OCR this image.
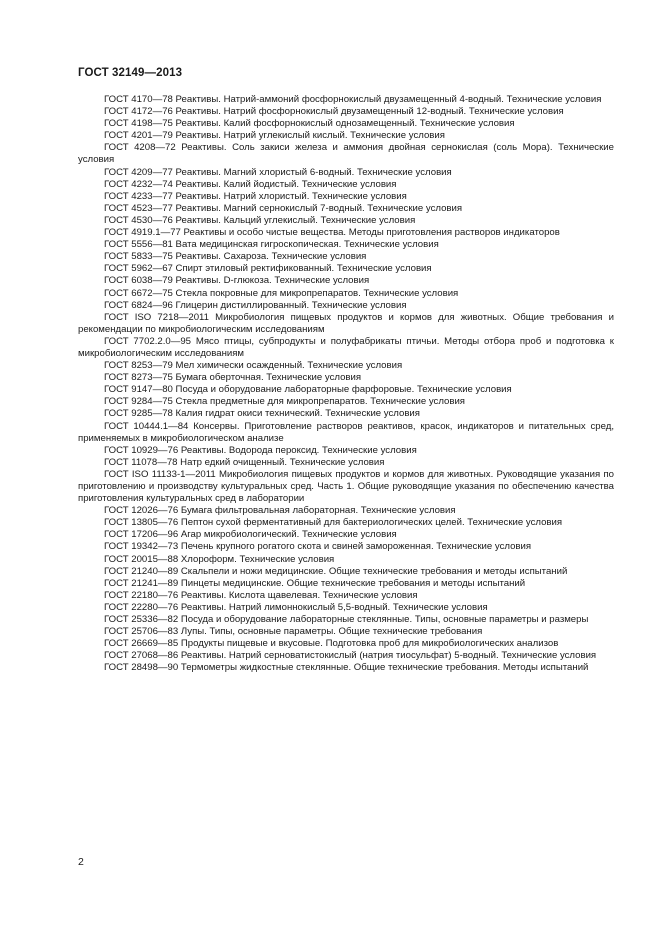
ГОСТ 32149—2013
ГОСТ 4170—78 Реактивы. Натрий-аммоний фосфорнокислый двузамещенный 4-водный. Технические условия
ГОСТ 4172—76 Реактивы. Натрий фосфорнокислый двузамещенный 12-водный. Технические условия
ГОСТ 4198—75 Реактивы. Калий фосфорнокислый однозамещенный. Технические условия
ГОСТ 4201—79 Реактивы. Натрий углекислый кислый. Технические условия
ГОСТ 4208—72 Реактивы. Соль закиси железа и аммония двойная сернокислая (соль Мора). Технические условия
ГОСТ 4209—77 Реактивы. Магний хлористый 6-водный. Технические условия
ГОСТ 4232—74 Реактивы. Калий йодистый. Технические условия
ГОСТ 4233—77 Реактивы. Натрий хлористый. Технические условия
ГОСТ 4523—77 Реактивы. Магний сернокислый 7-водный. Технические условия
ГОСТ 4530—76 Реактивы. Кальций углекислый. Технические условия
ГОСТ 4919.1—77 Реактивы и особо чистые вещества. Методы приготовления растворов индикаторов
ГОСТ 5556—81 Вата медицинская гигроскопическая. Технические условия
ГОСТ 5833—75 Реактивы. Сахароза. Технические условия
ГОСТ 5962—67 Спирт этиловый ректификованный. Технические условия
ГОСТ 6038—79 Реактивы. D-глюкоза. Технические условия
ГОСТ 6672—75 Стекла покровные для микропрепаратов. Технические условия
ГОСТ 6824—96 Глицерин дистиллированный. Технические условия
ГОСТ ISO 7218—2011 Микробиология пищевых продуктов и кормов для животных. Общие требования и рекомендации по микробиологическим исследованиям
ГОСТ 7702.2.0—95 Мясо птицы, субпродукты и полуфабрикаты птичьи. Методы отбора проб и подготовка к микробиологическим исследованиям
ГОСТ 8253—79 Мел химически осажденный. Технические условия
ГОСТ 8273—75 Бумага оберточная. Технические условия
ГОСТ 9147—80 Посуда и оборудование лабораторные фарфоровые. Технические условия
ГОСТ 9284—75 Стекла предметные для микропрепаратов. Технические условия
ГОСТ 9285—78 Калия гидрат окиси технический. Технические условия
ГОСТ 10444.1—84 Консервы. Приготовление растворов реактивов, красок, индикаторов и питательных сред, применяемых в микробиологическом анализе
ГОСТ 10929—76 Реактивы. Водорода пероксид. Технические условия
ГОСТ 11078—78 Натр едкий очищенный. Технические условия
ГОСТ ISO 11133-1—2011 Микробиология пищевых продуктов и кормов для животных. Руководящие указания по приготовлению и производству культуральных сред. Часть 1. Общие руководящие указания по обеспечению качества приготовления культуральных сред в лаборатории
ГОСТ 12026—76 Бумага фильтровальная лабораторная. Технические условия
ГОСТ 13805—76 Пептон сухой ферментативный для бактериологических целей. Технические условия
ГОСТ 17206—96 Агар микробиологический. Технические условия
ГОСТ 19342—73 Печень крупного рогатого скота и свиней замороженная. Технические условия
ГОСТ 20015—88 Хлороформ. Технические условия
ГОСТ 21240—89 Скальпели и ножи медицинские. Общие технические требования и методы испытаний
ГОСТ 21241—89 Пинцеты медицинские. Общие технические требования и методы испытаний
ГОСТ 22180—76 Реактивы. Кислота щавелевая. Технические условия
ГОСТ 22280—76 Реактивы. Натрий лимоннокислый 5,5-водный. Технические условия
ГОСТ 25336—82 Посуда и оборудование лабораторные стеклянные. Типы, основные параметры и размеры
ГОСТ 25706—83 Лупы. Типы, основные параметры. Общие технические требования
ГОСТ 26669—85 Продукты пищевые и вкусовые. Подготовка проб для микробиологических анализов
ГОСТ 27068—86 Реактивы. Натрий серноватистокислый (натрия тиосульфат) 5-водный. Технические условия
ГОСТ 28498—90 Термометры жидкостные стеклянные. Общие технические требования. Методы испытаний
2
